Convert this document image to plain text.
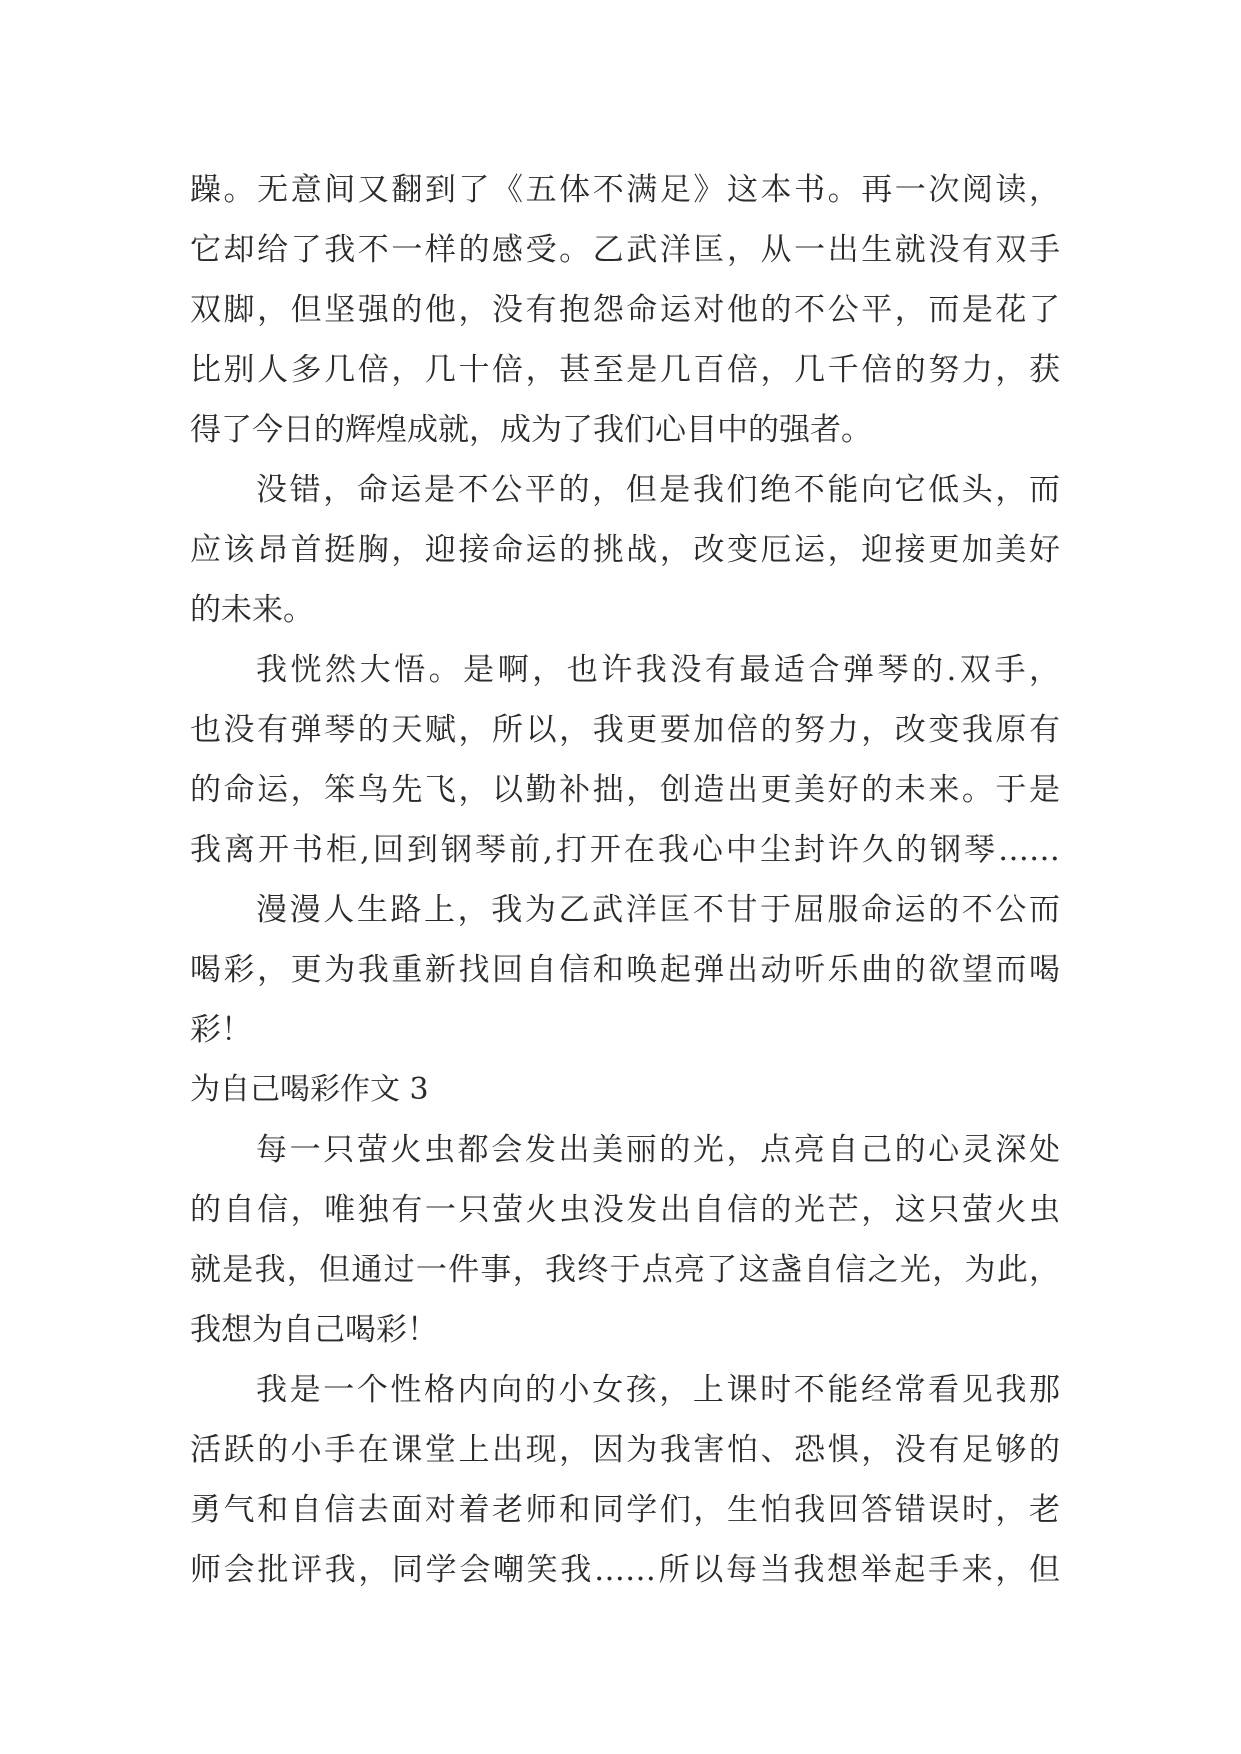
躁。无意间又翻到了《五体不满足》这本书。再一次阅读，
它却给了我不一样的感受。乙武洋匡，从一出生就没有双手
双脚，但坚强的他，没有抱怨命运对他的不公平，而是花了
比别人多几倍，几十倍，甚至是几百倍，几千倍的努力，获
得了今日的辉煌成就，成为了我们心目中的强者。
没错，命运是不公平的，但是我们绝不能向它低头，而
应该昂首挺胸，迎接命运的挑战，改变厄运，迎接更加美好
的未来。
我恍然大悟。是啊，也许我没有最适合弹琴的.双手，
也没有弹琴的天赋，所以，我更要加倍的努力，改变我原有
的命运，笨鸟先飞，以勤补拙，创造出更美好的未来。于是
我离开书柜,回到钢琴前,打开在我心中尘封许久的钢琴……
漫漫人生路上，我为乙武洋匡不甘于屈服命运的不公而
喝彩，更为我重新找回自信和唤起弹出动听乐曲的欲望而喝
彩！
为自己喝彩作文 3
每一只萤火虫都会发出美丽的光，点亮自己的心灵深处
的自信，唯独有一只萤火虫没发出自信的光芒，这只萤火虫
就是我，但通过一件事，我终于点亮了这盏自信之光，为此，
我想为自己喝彩！
我是一个性格内向的小女孩，上课时不能经常看见我那
活跃的小手在课堂上出现，因为我害怕、恐惧，没有足够的
勇气和自信去面对着老师和同学们，生怕我回答错误时，老
师会批评我，同学会嘲笑我……所以每当我想举起手来，但
